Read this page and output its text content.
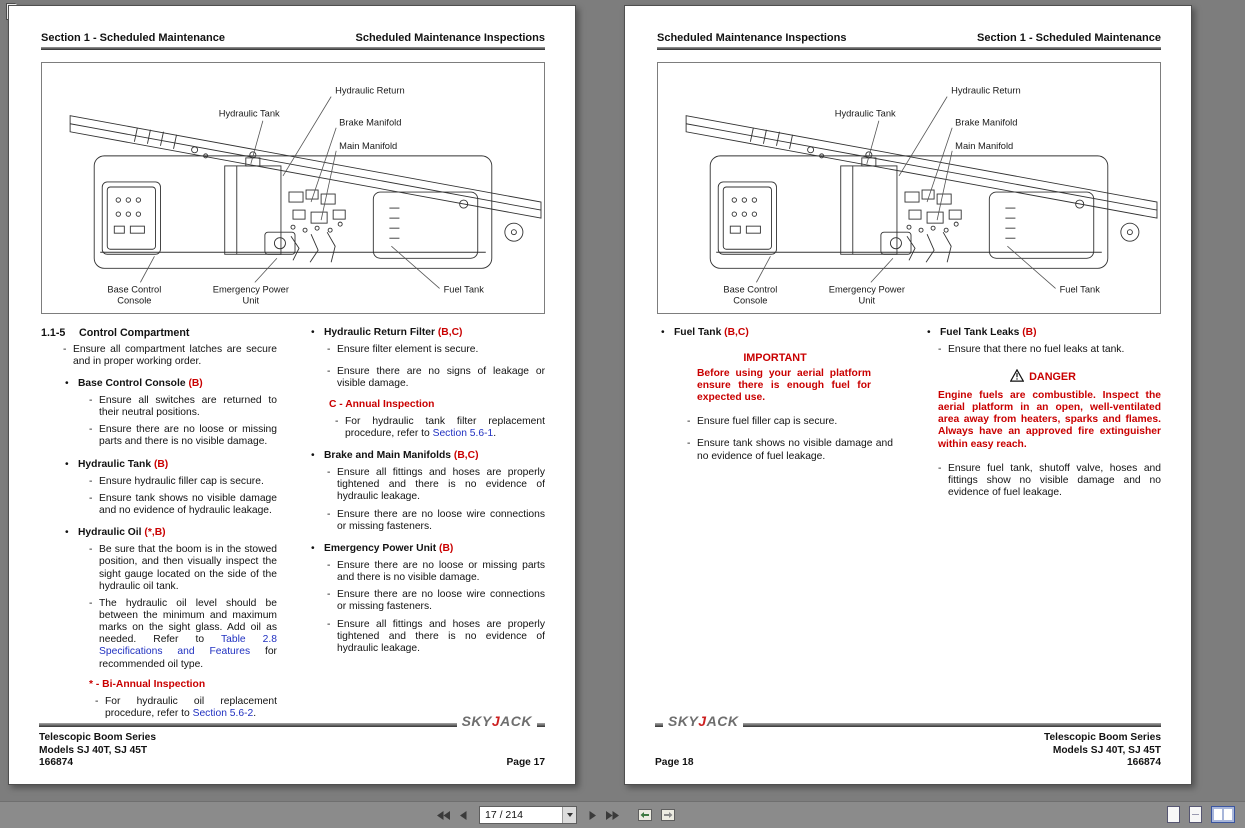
Section 1 - Scheduled Maintenance	Scheduled Maintenance Inspections
Hydraulic Return
Hydraulic Tank
Brake Manifold
Main Manifold
Base Control
Console
Emergency Power
Unit
Fuel Tank
1.1-5	Control Compartment
-
Ensure all compartment latches are secure and in proper working order.
•
Base Control Console (B)
-
Ensure all switches are returned to their neutral positions.
-
Ensure there are no loose or missing parts and there is no visible damage.
•
Hydraulic Tank (B)
-
Ensure hydraulic filler cap is secure.
-
Ensure tank shows no visible damage and no evidence of hydraulic leakage.
•
Hydraulic Oil (*,B)
-
Be sure that the boom is in the stowed position, and then visually inspect the sight gauge located on the side of the hydraulic oil tank.
-
The hydraulic oil level should be between the minimum and maximum marks on the sight glass. Add oil as needed. Refer to Table 2.8 Specifications and Features for recommended oil type.
* - Bi-Annual Inspection
-
For hydraulic oil replacement procedure, refer to Section 5.6-2.
•
Hydraulic Return Filter (B,C)
-
Ensure filter element is secure.
-
Ensure there are no signs of leakage or visible damage.
C - Annual Inspection
-
For hydraulic tank filter replacement procedure, refer to Section 5.6-1.
•
Brake and Main Manifolds (B,C)
-
Ensure all fittings and hoses are properly tightened and there is no evidence of hydraulic leakage.
-
Ensure there are no loose wire connections or missing fasteners.
•
Emergency Power Unit (B)
-
Ensure there are no loose or missing parts and there is no visible damage.
-
Ensure there are no loose wire connections or missing fasteners.
-
Ensure all fittings and hoses are properly tightened and there is no evidence of hydraulic leakage.
SKYJACK
Telescopic Boom Series
Models SJ 40T, SJ 45T
166874	Page 17
Scheduled Maintenance Inspections	Section 1 - Scheduled Maintenance
Hydraulic Return
Hydraulic Tank
Brake Manifold
Main Manifold
Base Control
Console
Emergency Power
Unit
Fuel Tank
•
Fuel Tank (B,C)
IMPORTANT
Before using your aerial platform ensure there is enough fuel for expected use.
-
Ensure fuel filler cap is secure.
-
Ensure tank shows no visible damage and no evidence of fuel leakage.
•
Fuel Tank Leaks (B)
-
Ensure that there no fuel leaks at tank.
DANGER
Engine fuels are combustible. Inspect the aerial platform in an open, well-ventilated area away from heaters, sparks and flames. Always have an approved fire extinguisher within easy reach.
-
Ensure fuel tank, shutoff valve, hoses and fittings show no visible damage and no evidence of fuel leakage.
SKYJACK
Page 18
Telescopic Boom Series
Models SJ 40T, SJ 45T
166874
17 / 214
